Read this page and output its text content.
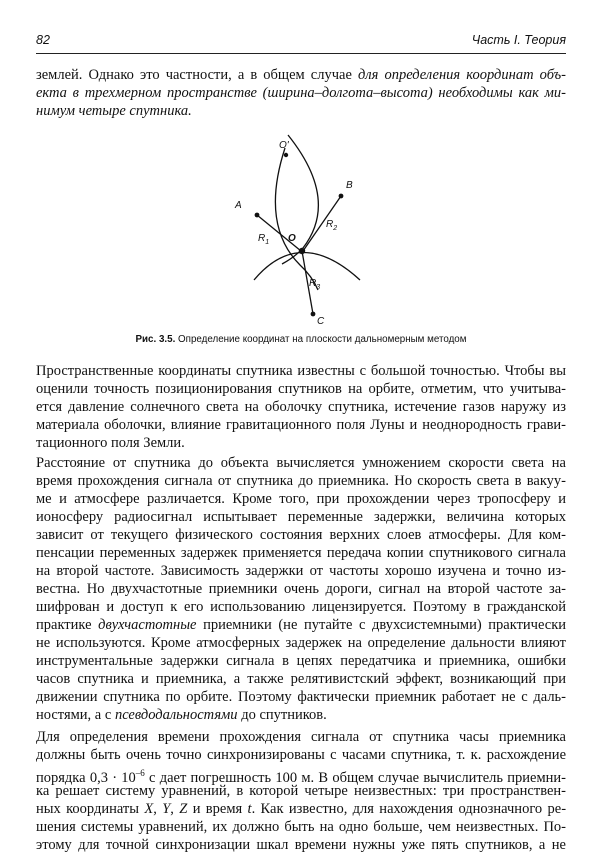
82	Часть I. Теория
землей. Однако это частности, а в общем случае для определения координат объ-
екта в трехмерном пространстве (ширина–долгота–высота) необходимы как ми-
нимум четыре спутника.
O'
B
A
$R_2$
$R_1$ O
$R_3$
C
Рис. 3.5. Определение координат на плоскости дальномерным методом
Пространственные координаты спутника известны с большой точностью. Чтобы вы
оценили точность позиционирования спутников на орбите, отметим, что учитыва-
ется давление солнечного света на оболочку спутника, истечение газов наружу из
материала оболочки, влияние гравитационного поля Луны и неоднородность грави-
тационного поля Земли.
Расстояние от спутника до объекта вычисляется умножением скорости света на
время прохождения сигнала от спутника до приемника. Но скорость света в вакуу-
ме и атмосфере различается. Кроме того, при прохождении через тропосферу и
ионосферу радиосигнал испытывает переменные задержки, величина которых
зависит от текущего физического состояния верхних слоев атмосферы. Для ком-
пенсации переменных задержек применяется передача копии спутникового сигнала
на второй частоте. Зависимость задержки от частоты хорошо изучена и точно из-
вестна. Но двухчастотные приемники очень дороги, сигнал на второй частоте за-
шифрован и доступ к его использованию лицензируется. Поэтому в гражданской
практике двухчастотные приемники (не путайте с двухсистемными) практически
не используются. Кроме атмосферных задержек на определение дальности влияют
инструментальные задержки сигнала в цепях передатчика и приемника, ошибки
часов спутника и приемника, а также релятивистский эффект, возникающий при
движении спутника по орбите. Поэтому фактически приемник работает не с даль-
ностями, а с псевдодальностями до спутников.
Для определения времени прохождения сигнала от спутника часы приемника
должны быть очень точно синхронизированы с часами спутника, т. к. расхождение
порядка $0,3 \cdot 10^{-6}$ с дает погрешность 100 м. В общем случае вычислитель приемни-
ка решает систему уравнений, в которой четыре неизвестных: три пространствен-
ных координаты X, Y, Z и время t. Как известно, для нахождения однозначного ре-
шения системы уравнений, их должно быть на одно больше, чем неизвестных. По-
этому для точной синхронизации шкал времени нужны уже пять спутников, а не
